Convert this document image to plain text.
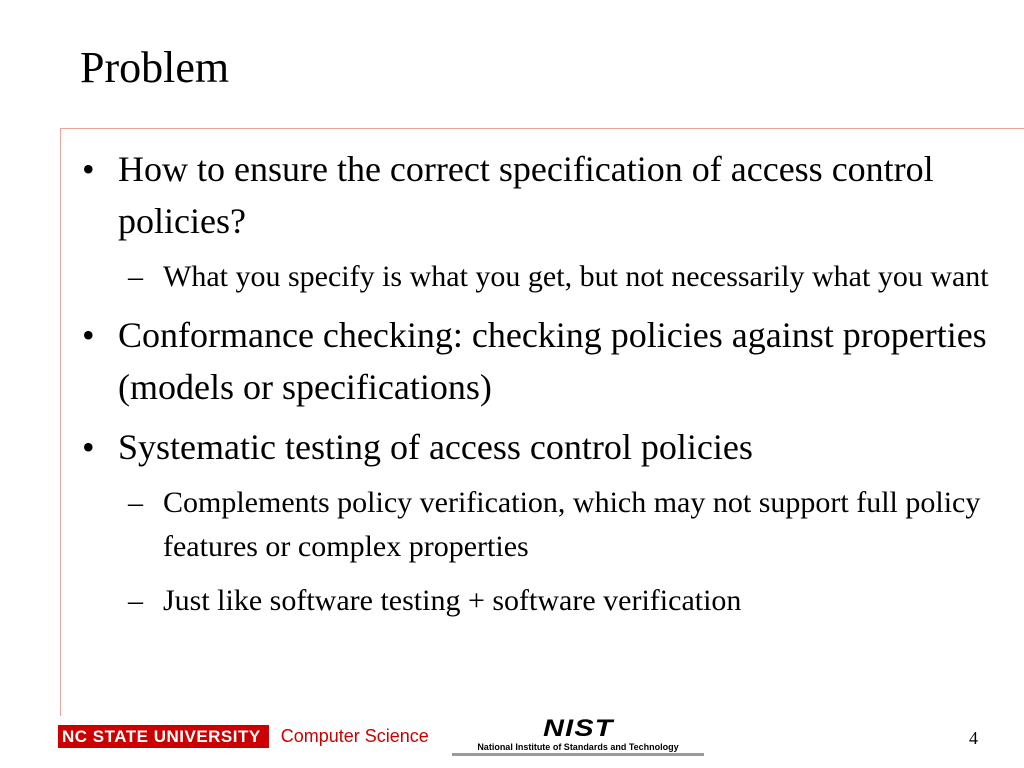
Problem
• How to ensure the correct specification of access control policies?
– What you specify is what you get, but not necessarily what you want
• Conformance checking: checking policies against properties (models or specifications)
• Systematic testing of access control policies
– Complements policy verification, which may not support full policy features or complex properties
– Just like software testing + software verification
NC STATE UNIVERSITY	Computer Science	NIST
National Institute of Standards and Technology	4
